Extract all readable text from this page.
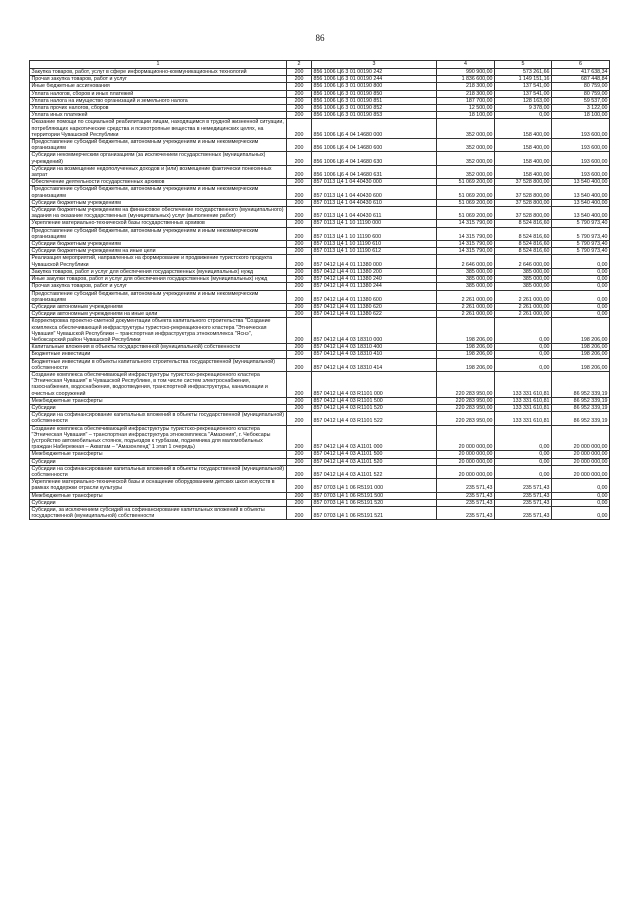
86
1	2	3	4	5	6
Закупка товаров, работ, услуг в сфере информационно-коммуникационных технологий	200	856 1006 Ц6 3 01 00190 242	990 900,00	573 261,66	417 638,34
Прочая закупка товаров, работ и услуг	200	856 1006 Ц6 3 01 00190 244	1 836 600,00	1 149 151,16	687 448,84
Иные бюджетные ассигнования	200	856 1006 Ц6 3 01 00190 800	218 300,00	137 541,00	80 759,00
Уплата налогов, сборов и иных платежей	200	856 1006 Ц6 3 01 00190 850	218 300,00	137 541,00	80 759,00
Уплата налога на имущество организаций и земельного налога	200	856 1006 Ц6 3 01 00190 851	187 700,00	128 163,00	59 537,00
Уплата прочих налогов, сборов	200	856 1006 Ц6 3 01 00190 852	12 500,00	9 378,00	3 122,00
Уплата иных платежей	200	856 1006 Ц6 3 01 00190 853	18 100,00	0,00	18 100,00
Оказание помощи по социальной реабилитации лицам, находящимся в трудной жизненной ситуации, потребляющих наркотические средства и психотропные вещества в немедицинских целях, на территории Чувашской Республики	200	856 1006 Ц6 4 04 14680 000	352 000,00	158 400,00	193 600,00
Предоставление субсидий бюджетным, автономным учреждениям и иным некоммерческим организациям	200	856 1006 Ц6 4 04 14680 600	352 000,00	158 400,00	193 600,00
Субсидии некоммерческим организациям (за исключением государственных (муниципальных) учреждений)	200	856 1006 Ц6 4 04 14680 630	352 000,00	158 400,00	193 600,00
Субсидии на возмещение недополученных доходов и (или) возмещение фактически понесенных затрат	200	856 1006 Ц6 4 04 14680 631	352 000,00	158 400,00	193 600,00
Обеспечение деятельности государственных архивов	200	857 0113 Ц4 1 04 40430 000	51 069 200,00	37 528 800,00	13 540 400,00
Предоставление субсидий бюджетным, автономным учреждениям и иным некоммерческим организациям	200	857 0113 Ц4 1 04 40430 600	51 069 200,00	37 528 800,00	13 540 400,00
Субсидии бюджетным учреждениям	200	857 0113 Ц4 1 04 40430 610	51 069 200,00	37 528 800,00	13 540 400,00
Субсидии бюджетным учреждениям на финансовое обеспечение государственного (муниципального) задания на оказание государственных (муниципальных) услуг (выполнение работ)	200	857 0113 Ц4 1 04 40430 611	51 069 200,00	37 528 800,00	13 540 400,00
Укрепление материально-технической базы государственных архивов	200	857 0113 Ц4 1 10 11190 000	14 315 790,00	8 524 816,60	5 790 973,40
Предоставление субсидий бюджетным, автономным учреждениям и иным некоммерческим организациям	200	857 0113 Ц4 1 10 11190 600	14 315 790,00	8 524 816,60	5 790 973,40
Субсидии бюджетным учреждениям	200	857 0113 Ц4 1 10 11190 610	14 315 790,00	8 524 816,60	5 790 973,40
Субсидии бюджетным учреждениям на иные цели	200	857 0113 Ц4 1 10 11190 612	14 315 790,00	8 524 816,60	5 790 973,40
Реализация мероприятий, направленных на формирование и продвижение туристского продукта Чувашской Республики	200	857 0412 Ц4 4 01 11380 000	2 646 000,00	2 646 000,00	0,00
Закупка товаров, работ и услуг для обеспечения государственных (муниципальных) нужд	200	857 0412 Ц4 4 01 11380 200	385 000,00	385 000,00	0,00
Иные закупки товаров, работ и услуг для обеспечения государственных (муниципальных) нужд	200	857 0412 Ц4 4 01 11380 240	385 000,00	385 000,00	0,00
Прочая закупка товаров, работ и услуг	200	857 0412 Ц4 4 01 11380 244	385 000,00	385 000,00	0,00
Предоставление субсидий бюджетным, автономным учреждениям и иным некоммерческим организациям	200	857 0412 Ц4 4 01 11380 600	2 261 000,00	2 261 000,00	0,00
Субсидии автономным учреждениям	200	857 0412 Ц4 4 01 11380 620	2 261 000,00	2 261 000,00	0,00
Субсидии автономным учреждениям на иные цели	200	857 0412 Ц4 4 01 11380 622	2 261 000,00	2 261 000,00	0,00
Корректировка проектно-сметной документации объекта капитального строительства "Создание комплекса обеспечивающей инфраструктуры туристско-рекреационного кластера "Этническая Чувашия" Чувашской Республики – транспортная инфраструктура этнокомплекса "Яснэ", Чебоксарский район Чувашской Республики	200	857 0412 Ц4 4 03 18310 000	198 206,00	0,00	198 206,00
Капитальные вложения в объекты государственной (муниципальной) собственности	200	857 0412 Ц4 4 03 18310 400	198 206,00	0,00	198 206,00
Бюджетные инвестиции	200	857 0412 Ц4 4 03 18310 410	198 206,00	0,00	198 206,00
Бюджетные инвестиции в объекты капитального строительства государственной (муниципальной) собственности	200	857 0412 Ц4 4 03 18310 414	198 206,00	0,00	198 206,00
Создание комплекса обеспечивающей инфраструктуры туристско-рекреационного кластера "Этническая Чувашия" в Чувашской Республике, в том числе систем электроснабжения, газоснабжения, водоснабжения, водоотведения, транспортной инфраструктуры, канализации и очистных сооружений	200	857 0412 Ц4 4 03 R1101 000	220 283 950,00	133 331 610,81	86 952 339,19
Межбюджетные трансферты	200	857 0412 Ц4 4 03 R1101 500	220 283 950,00	133 331 610,81	86 952 339,19
Субсидии	200	857 0412 Ц4 4 03 R1101 520	220 283 950,00	133 331 610,81	86 952 339,19
Субсидии на софинансирование капитальных вложений в объекты государственной (муниципальной) собственности	200	857 0412 Ц4 4 03 R1101 522	220 283 950,00	133 331 610,81	86 952 339,19
Создание комплекса обеспечивающей инфраструктуры туристско-рекреационного кластера "Этническая Чувашия" – транспортная инфраструктура этнокомплекса "Амазония", г. Чебоксары (устройство автомобильных стоянок, подъездов к турбазам, подземника для маломобильных граждан Набережная – Акватам – "Амазонленд" 1 этап 1 очередь)	200	857 0412 Ц4 4 03 A1101 000	20 000 000,00	0,00	20 000 000,00
Межбюджетные трансферты	200	857 0412 Ц4 4 03 A1101 500	20 000 000,00	0,00	20 000 000,00
Субсидии	200	857 0412 Ц4 4 03 A1101 520	20 000 000,00	0,00	20 000 000,00
Субсидии на софинансирование капитальных вложений в объекты государственной (муниципальной) собственности	200	857 0412 Ц4 4 03 A1101 522	20 000 000,00	0,00	20 000 000,00
Укрепление материально-технической базы и оснащение оборудованием детских школ искусств в рамках поддержки отрасли культуры	200	857 0703 Ц4 1 06 R5191 000	235 571,43	235 571,43	0,00
Межбюджетные трансферты	200	857 0703 Ц4 1 06 R5191 500	235 571,43	235 571,43	0,00
Субсидии	200	857 0703 Ц4 1 06 R5191 520	235 571,43	235 571,43	0,00
Субсидии, за исключением субсидий на софинансирование капитальных вложений в объекты государственной (муниципальной) собственности	200	857 0703 Ц4 1 06 R5191 521	235 571,43	235 571,43	0,00
